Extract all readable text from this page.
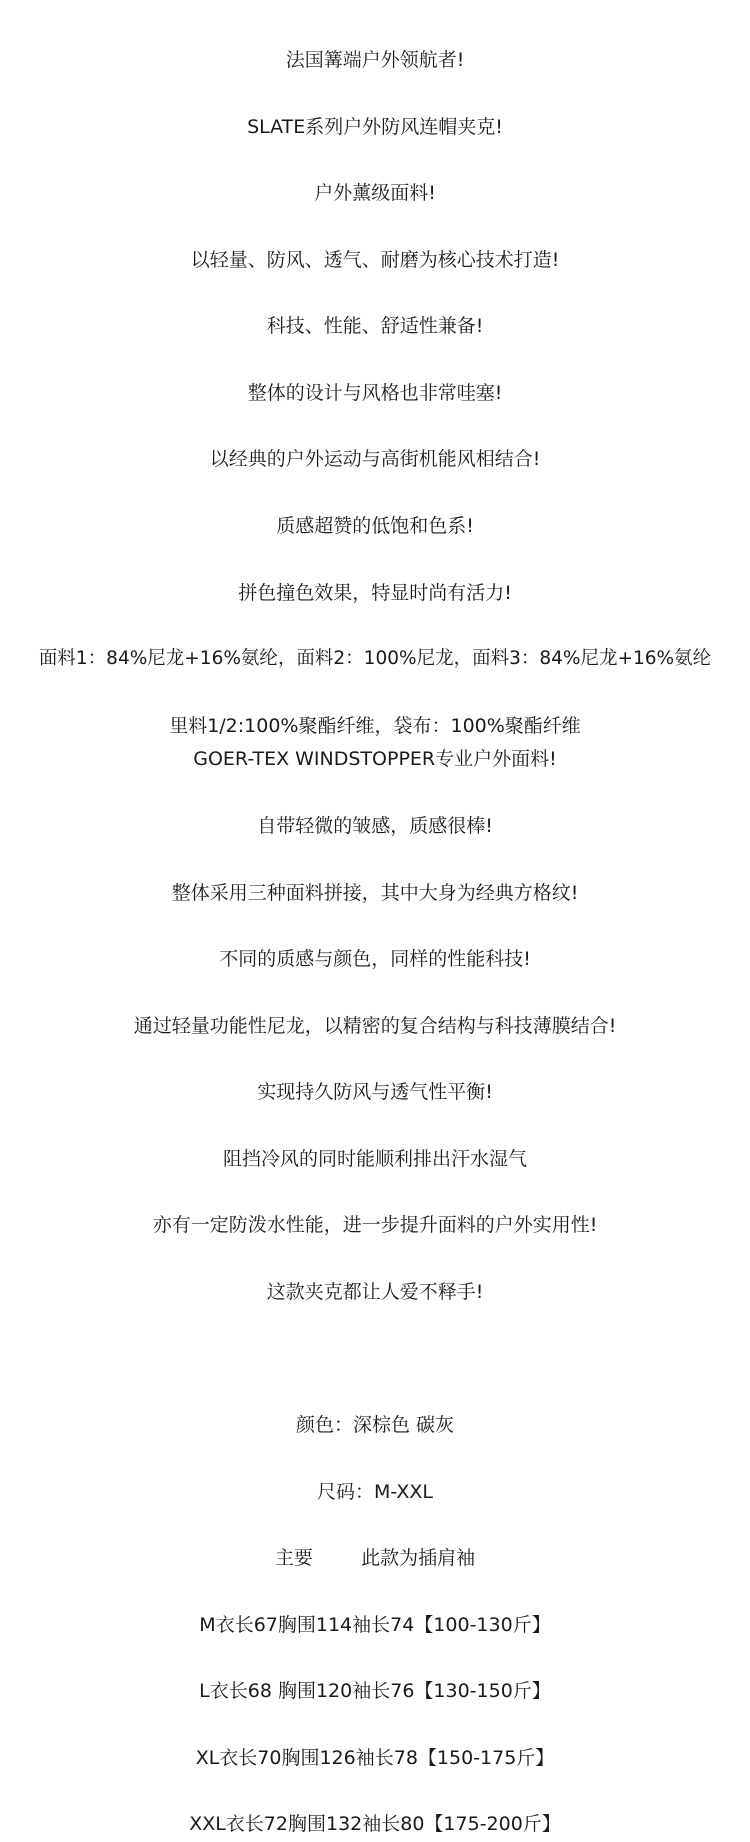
法国篝端户外领航者!
SLATE系列户外防风连帽夹克!
户外薰级面料!
以轻量、防风、透气、耐磨为核心技术打造!
科技、性能、舒适性兼备!
整体的设计与风格也非常哇塞!
以经典的户外运动与高街机能风相结合!
质感超赞的低饱和色系!
拼色撞色效果，特显时尚有活力!
面料1：84%尼龙+16%氨纶，面料2：100%尼龙，面料3：84%尼龙+16%氨纶
里料1/2:100%聚酯纤维，袋布：100%聚酯纤维
GOER-TEX WINDSTOPPER专业户外面料!
自带轻微的皱感，质感很棒!
整体采用三种面料拼接，其中大身为经典方格纹!
不同的质感与颜色，同样的性能科技!
通过轻量功能性尼龙，以精密的复合结构与科技薄膜结合!
实现持久防风与透气性平衡!
阻挡冷风的同时能顺利排出汗水湿气
亦有一定防泼水性能，进一步提升面料的户外实用性!
这款夹克都让人爱不释手!
颜色：深棕色 碳灰
尺码：M-XXL
主要        此款为插肩袖
M衣长67胸围114袖长74【100-130斤】
L衣长68 胸围120袖长76【130-150斤】
XL衣长70胸围126袖长78【150-175斤】
XXL衣长72胸围132袖长80【175-200斤】
